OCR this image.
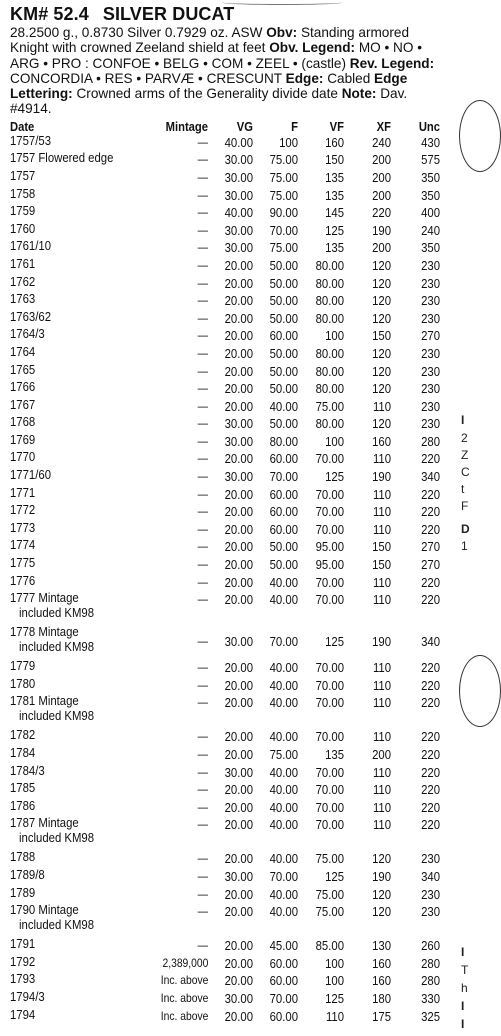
KM# 52.4 SILVER DUCAT
28.2500 g., 0.8730 Silver 0.7929 oz. ASW Obv: Standing armored Knight with crowned Zeeland shield at feet Obv. Legend: MO • NO • ARG • PRO : CONFOE • BELG • COM • ZEEL • (castle) Rev. Legend: CONCORDIA • RES • PARVÆ • CRESCUNT Edge: Cabled Edge Lettering: Crowned arms of the Generality divide date Note: Dav. #4914.
Date	Mintage	VG	F	VF	XF	Unc

1757/53	—	40.00	100	160	240	430

1757 Flowered edge	—	30.00	75.00	150	200	575

1757	—	30.00	75.00	135	200	350

1758	—	30.00	75.00	135	200	350

1759	—	40.00	90.00	145	220	400

1760	—	30.00	70.00	125	190	240

1761/10	—	30.00	75.00	135	200	350

1761	—	20.00	50.00	80.00	120	230

1762	—	20.00	50.00	80.00	120	230

1763	—	20.00	50.00	80.00	120	230

1763/62	—	20.00	50.00	80.00	120	230

1764/3	—	20.00	60.00	100	150	270

1764	—	20.00	50.00	80.00	120	230

1765	—	20.00	50.00	80.00	120	230

1766	—	20.00	50.00	80.00	120	230

1767	—	20.00	40.00	75.00	110	230

1768	—	30.00	50.00	80.00	120	230

1769	—	30.00	80.00	100	160	280

1770	—	20.00	60.00	70.00	110	220

1771/60	—	30.00	70.00	125	190	340

1771	—	20.00	60.00	70.00	110	220

1772	—	20.00	60.00	70.00	110	220

1773	—	20.00	60.00	70.00	110	220

1774	—	20.00	50.00	95.00	150	270

1775	—	20.00	50.00	95.00	150	270

1776	—	20.00	40.00	70.00	110	220

1777 Mintage
included KM98	—	20.00	40.00	70.00	110	220

1778 Mintage
included KM98	—	30.00	70.00	125	190	340

1779	—	20.00	40.00	70.00	110	220

1780	—	20.00	40.00	70.00	110	220

1781 Mintage
included KM98	—	20.00	40.00	70.00	110	220

1782	—	20.00	40.00	70.00	110	220

1784	—	20.00	75.00	135	200	220

1784/3	—	30.00	40.00	70.00	110	220

1785	—	20.00	40.00	70.00	110	220

1786	—	20.00	40.00	70.00	110	220

1787 Mintage
included KM98	—	20.00	40.00	70.00	110	220

1788	—	20.00	40.00	75.00	120	230

1789/8	—	30.00	70.00	125	190	340

1789	—	20.00	40.00	75.00	120	230

1790 Mintage
included KM98	—	20.00	40.00	75.00	120	230

1791	—	20.00	45.00	85.00	130	260

1792	2,389,000	20.00	60.00	100	160	280

1793	Inc. above	20.00	60.00	100	160	280

1794/3	Inc. above	30.00	70.00	125	180	330

1794	Inc. above	20.00	60.00	110	175	325
I
2
Z
C
t
F
D
1
I
T
h
I
I
